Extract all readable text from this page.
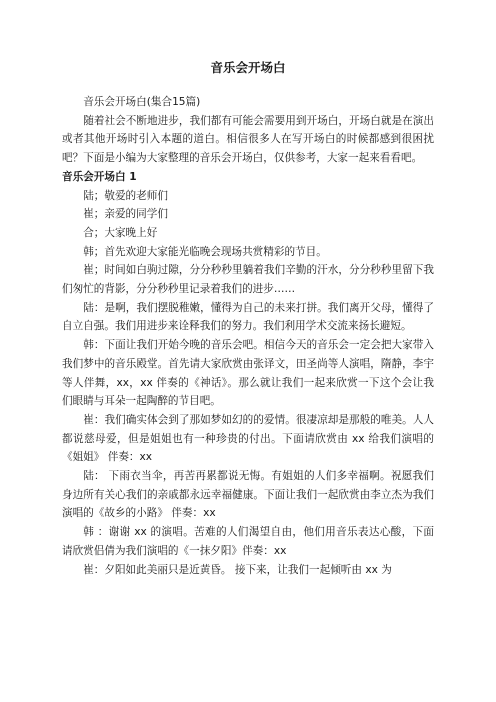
音乐会开场白

音乐会开场白(集合15篇)

随着社会不断地进步，我们都有可能会需要用到开场白，开场白就是在演出或者其他开场时引入本题的道白。相信很多人在写开场白的时候都感到很困扰吧？下面是小编为大家整理的音乐会开场白，仅供参考，大家一起来看看吧。

音乐会开场白 1

陆；敬爱的老师们

崔；亲爱的同学们

合；大家晚上好

韩；首先欢迎大家能光临晚会现场共赏精彩的节目。

崔；时间如白驹过隙，分分秒秒里躺着我们辛勤的汗水，分分秒秒里留下我们匆忙的背影，分分秒秒里记录着我们的进步……

陆：是啊，我们摆脱稚嫩，懂得为自己的未来打拼。我们离开父母，懂得了自立自强。我们用进步来诠释我们的努力。我们利用学术交流来扬长避短。

韩：下面让我们开始今晚的音乐会吧。相信今天的音乐会一定会把大家带入我们梦中的音乐殿堂。首先请大家欣赏由张译文，田圣尚等人演唱，隋静，李宇等人伴舞，xx，xx 伴奏的《神话》。那么就让我们一起来欣赏一下这个会让我们眼睛与耳朵一起陶醉的节目吧。

崔：我们确实体会到了那如梦如幻的的爱情。很凄凉却是那般的唯美。人人都说慈母爱，但是姐姐也有一种珍贵的付出。下面请欣赏由 xx 给我们演唱的《姐姐》 伴奏：xx

陆： 下雨衣当伞，再苦再累都说无悔。有姐姐的人们多幸福啊。祝愿我们身边所有关心我们的亲戚都永远幸福健康。下面让我们一起欣赏由李立杰为我们演唱的《故乡的小路》 伴奏：xx

韩 ：谢谢 xx 的演唱。苦难的人们渴望自由，他们用音乐表达心酸，下面请欣赏侣倩为我们演唱的《一抹夕阳》伴奏：xx

崔：夕阳如此美丽只是近黄昏。 接下来，让我们一起倾听由 xx 为
